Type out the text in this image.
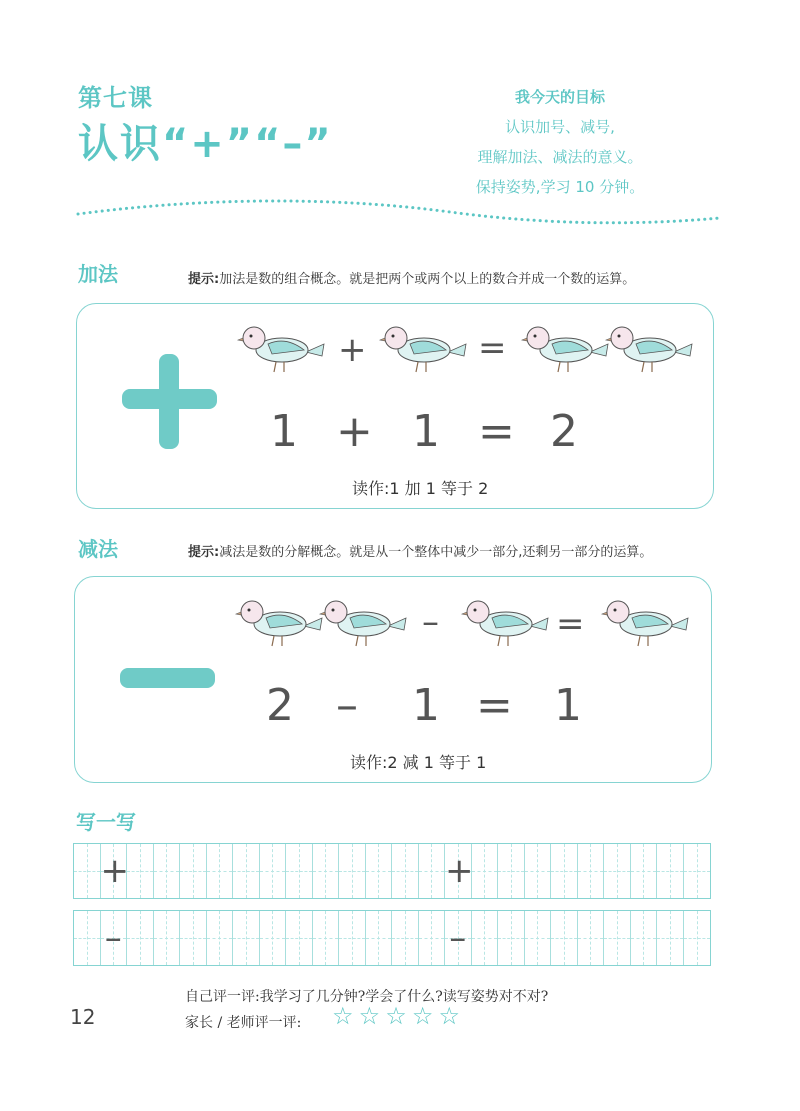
第七课
认识“+”“–”
我今天的目标
认识加号、减号,
理解加法、减法的意义。
保持姿势,学习 10 分钟。
加法	提示:加法是数的组合概念。就是把两个或两个以上的数合并成一个数的运算。
+	=
1 + 1 = 2
读作:1 加 1 等于 2
减法	提示:减法是数的分解概念。就是从一个整体中减少一部分,还剩另一部分的运算。
–	=
2 – 1 = 1
读作:2 减 1 等于 1
写一写
+	+
–	–
自己评一评:我学习了几分钟?学会了什么?读写姿势对不对?
家长 / 老师评一评: ☆ ☆ ☆ ☆ ☆
12
